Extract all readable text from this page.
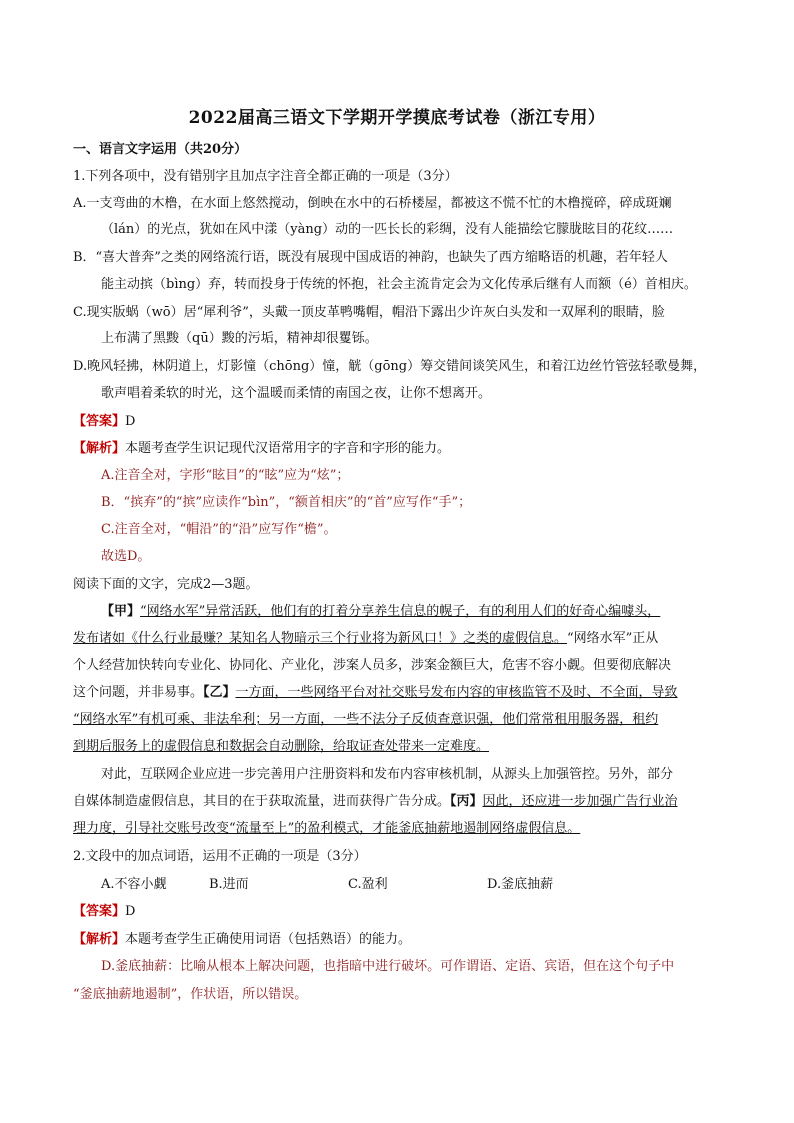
2022届高三语文下学期开学摸底考试卷（浙江专用）
一、语言文字运用（共20分）
1.下列各项中，没有错别字且加点字注音全都正确的一项是（3分）
A.一支弯曲的木橹，在水面上悠然搅动，倒映在水中的石桥楼屋，都被这不慌不忙的木橹搅碎，碎成斑斓
（lán）的光点，犹如在风中漾（yàng）动的一匹长长的彩绸，没有人能描绘它朦胧眩目的花纹……
B．“喜大普奔”之类的网络流行语，既没有展现中国成语的神韵，也缺失了西方缩略语的机趣，若年轻人
能主动摈（bìng）弃，转而投身于传统的怀抱，社会主流肯定会为文化传承后继有人而额（é）首相庆。
C.现实版蜗（wō）居“犀利爷”，头戴一顶皮革鸭嘴帽，帽沿下露出少许灰白头发和一双犀利的眼睛，脸
上布满了黑黢（qū）黢的污垢，精神却很矍铄。
D.晚风轻拂，林阴道上，灯影憧（chōng）憧，觥（gōng）筹交错间谈笑风生，和着江边丝竹管弦轻歌曼舞，
歌声唱着柔软的时光，这个温暖而柔情的南国之夜，让你不想离开。
【答案】D
【解析】本题考查学生识记现代汉语常用字的字音和字形的能力。
A.注音全对，字形“眩目”的“眩”应为“炫”；
B．“摈弃”的“摈”应读作“bìn”，“额首相庆”的“首”应写作“手”；
C.注音全对，“帽沿”的“沿”应写作“檐”。
故选D。
阅读下面的文字，完成2—3题。
【甲】“网络水军”异常活跃，他们有的打着分享养生信息的幌子，有的利用人们的好奇心编噱头，
发布诸如《什么行业最赚？某知名人物暗示三个行业将为新风口！》之类的虚假信息。“网络水军”正从
个人经营加快转向专业化、协同化、产业化，涉案人员多，涉案金额巨大，危害不容小觑。但要彻底解决
这个问题，并非易事。【乙】一方面，一些网络平台对社交账号发布内容的审核监管不及时、不全面，导致
“网络水军”有机可乘、非法牟利；另一方面，一些不法分子反侦查意识强，他们常常租用服务器，租约
到期后服务上的虚假信息和数据会自动删除，给取证查处带来一定难度。
对此，互联网企业应进一步完善用户注册资料和发布内容审核机制，从源头上加强管控。另外，部分
自媒体制造虚假信息，其目的在于获取流量，进而获得广告分成。【丙】因此，还应进一步加强广告行业治
理力度，引导社交账号改变“流量至上”的盈利模式，才能釜底抽薪地遏制网络虚假信息。
2.文段中的加点词语，运用不正确的一项是（3分）
A.不容小觑	B.进而	C.盈利	D.釜底抽薪
【答案】D
【解析】本题考查学生正确使用词语（包括熟语）的能力。
D.釜底抽薪：比喻从根本上解决问题，也指暗中进行破坏。可作谓语、定语、宾语，但在这个句子中
“釜底抽薪地遏制”，作状语，所以错误。
